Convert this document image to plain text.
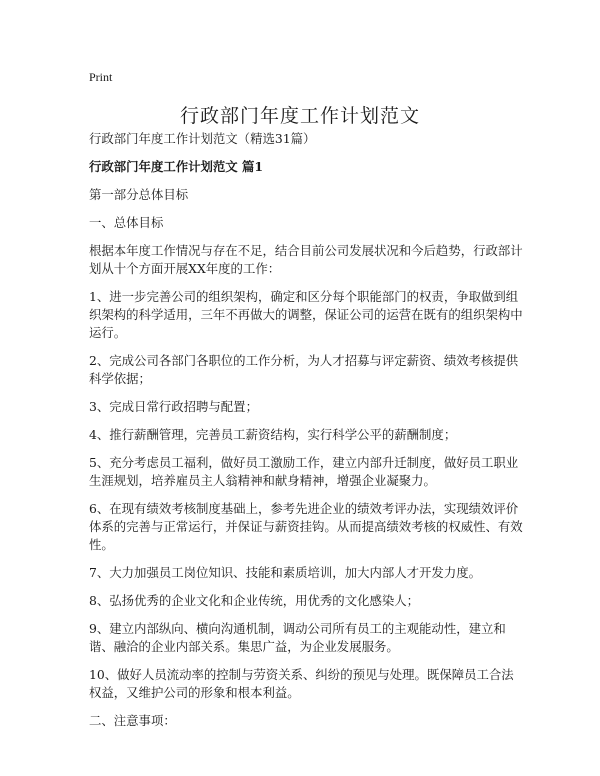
Print
行政部门年度工作计划范文

行政部门年度工作计划范文（精选31篇）

行政部门年度工作计划范文 篇1

第一部分总体目标

一、总体目标

根据本年度工作情况与存在不足，结合目前公司发展状况和今后趋势，行政部计划从十个方面开展XX年度的工作：

1、进一步完善公司的组织架构，确定和区分每个职能部门的权责，争取做到组织架构的科学适用，三年不再做大的调整，保证公司的运营在既有的组织架构中运行。

2、完成公司各部门各职位的工作分析，为人才招募与评定薪资、绩效考核提供科学依据；

3、完成日常行政招聘与配置；

4、推行薪酬管理，完善员工薪资结构，实行科学公平的薪酬制度；

5、充分考虑员工福利，做好员工激励工作，建立内部升迁制度，做好员工职业生涯规划，培养雇员主人翁精神和献身精神，增强企业凝聚力。

6、在现有绩效考核制度基础上，参考先进企业的绩效考评办法，实现绩效评价体系的完善与正常运行，并保证与薪资挂钩。从而提高绩效考核的权威性、有效性。

7、大力加强员工岗位知识、技能和素质培训，加大内部人才开发力度。

8、弘扬优秀的企业文化和企业传统，用优秀的文化感染人；

9、建立内部纵向、横向沟通机制，调动公司所有员工的主观能动性，建立和谐、融洽的企业内部关系。集思广益，为企业发展服务。

10、做好人员流动率的控制与劳资关系、纠纷的预见与处理。既保障员工合法权益，又维护公司的形象和根本利益。

二、注意事项：
